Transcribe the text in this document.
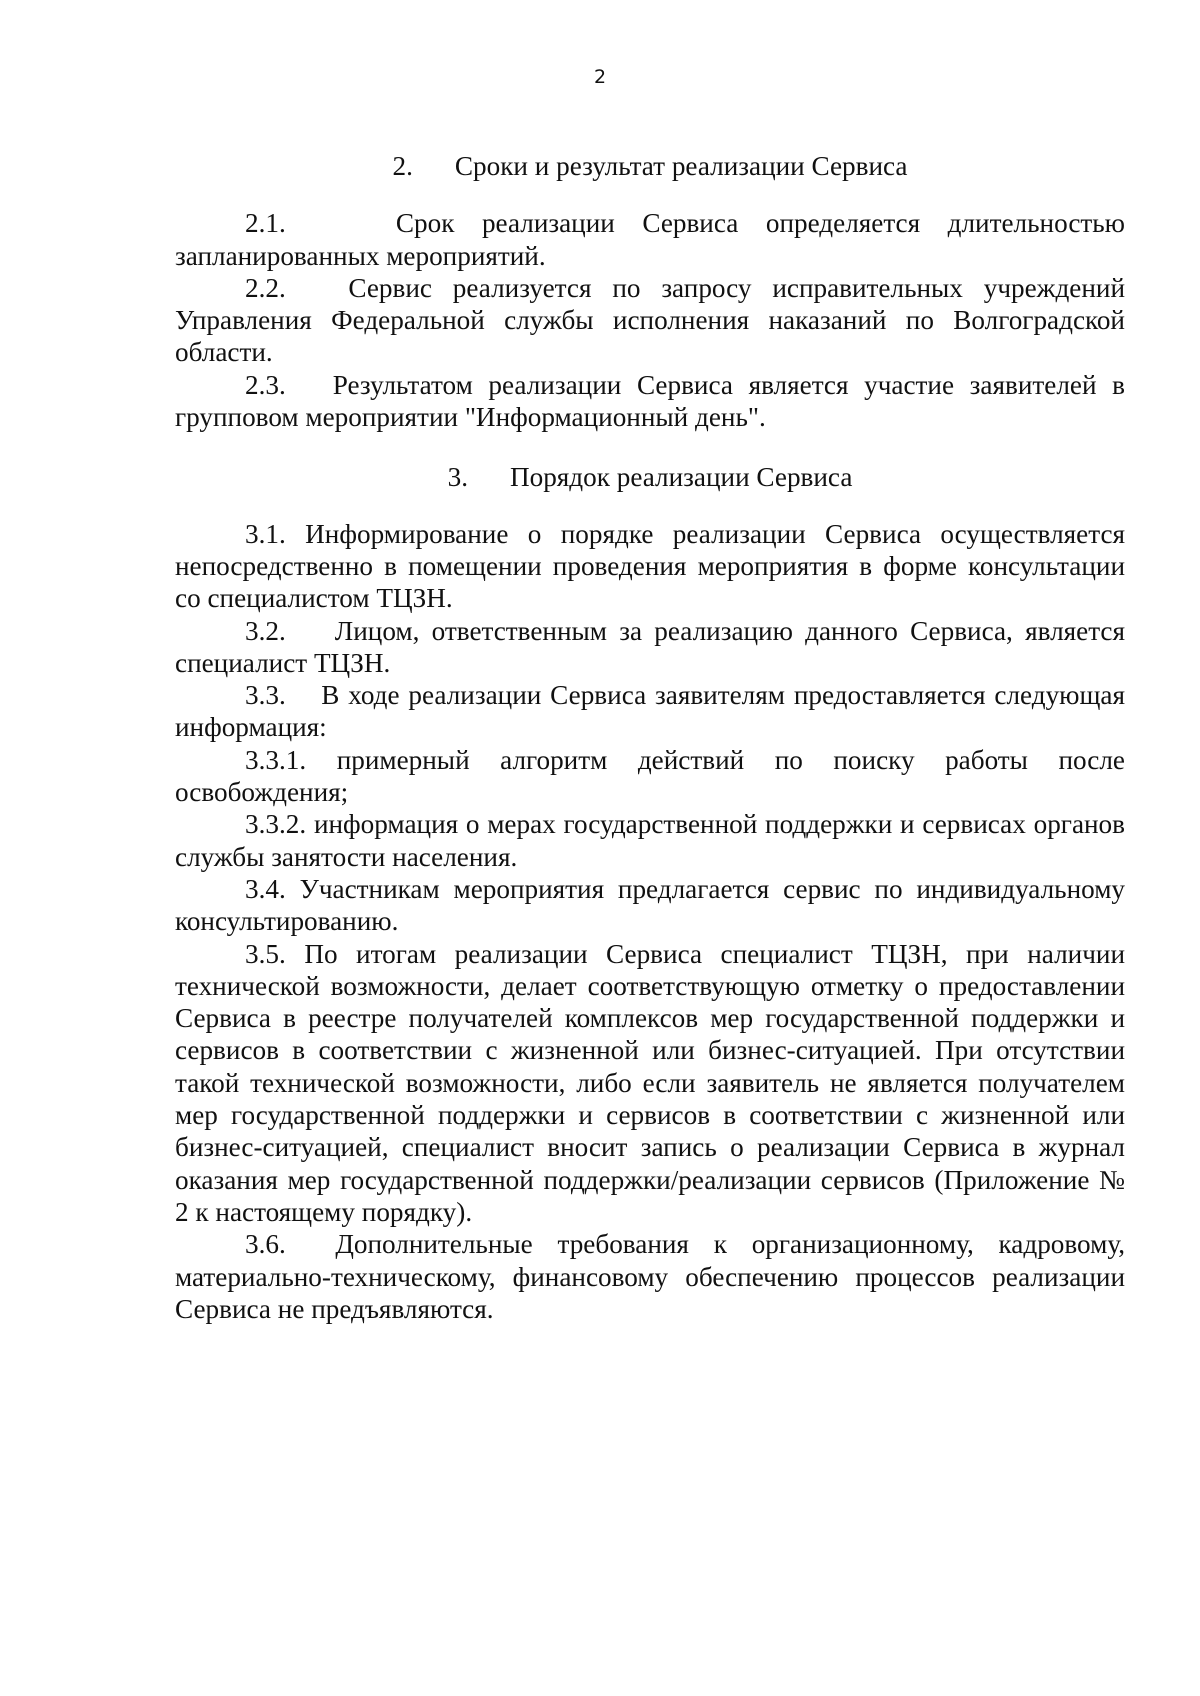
2
2. Сроки и результат реализации Сервиса

2.1.	Срок реализации Сервиса определяется длительностью запланированных мероприятий.

2.2. Сервис реализуется по запросу исправительных учреждений Управления Федеральной службы исполнения наказаний по Волгоградской области.

2.3. Результатом реализации Сервиса является участие заявителей в групповом мероприятии "Информационный день".

3. Порядок реализации Сервиса

3.1. Информирование о порядке реализации Сервиса осуществляется непосредственно в помещении проведения мероприятия в форме консультации со специалистом ТЦЗН.

3.2. Лицом, ответственным за реализацию данного Сервиса, является специалист ТЦЗН.

3.3. В ходе реализации Сервиса заявителям предоставляется следующая информация:

3.3.1. примерный алгоритм действий по поиску работы после освобождения;

3.3.2. информация о мерах государственной поддержки и сервисах органов службы занятости населения.

3.4. Участникам мероприятия предлагается сервис по индивидуальному консультированию.

3.5. По итогам реализации Сервиса специалист ТЦЗН, при наличии технической возможности, делает соответствующую отметку о предоставлении Сервиса в реестре получателей комплексов мер государственной поддержки и сервисов в соответствии с жизненной или бизнес-ситуацией. При отсутствии такой технической возможности, либо если заявитель не является получателем мер государственной поддержки и сервисов в соответствии с жизненной или бизнес-ситуацией, специалист вносит запись о реализации Сервиса в журнал оказания мер государственной поддержки/реализации сервисов (Приложение № 2 к настоящему порядку).

3.6. Дополнительные требования к организационному, кадровому, материально-техническому, финансовому обеспечению процессов реализации Сервиса не предъявляются.
